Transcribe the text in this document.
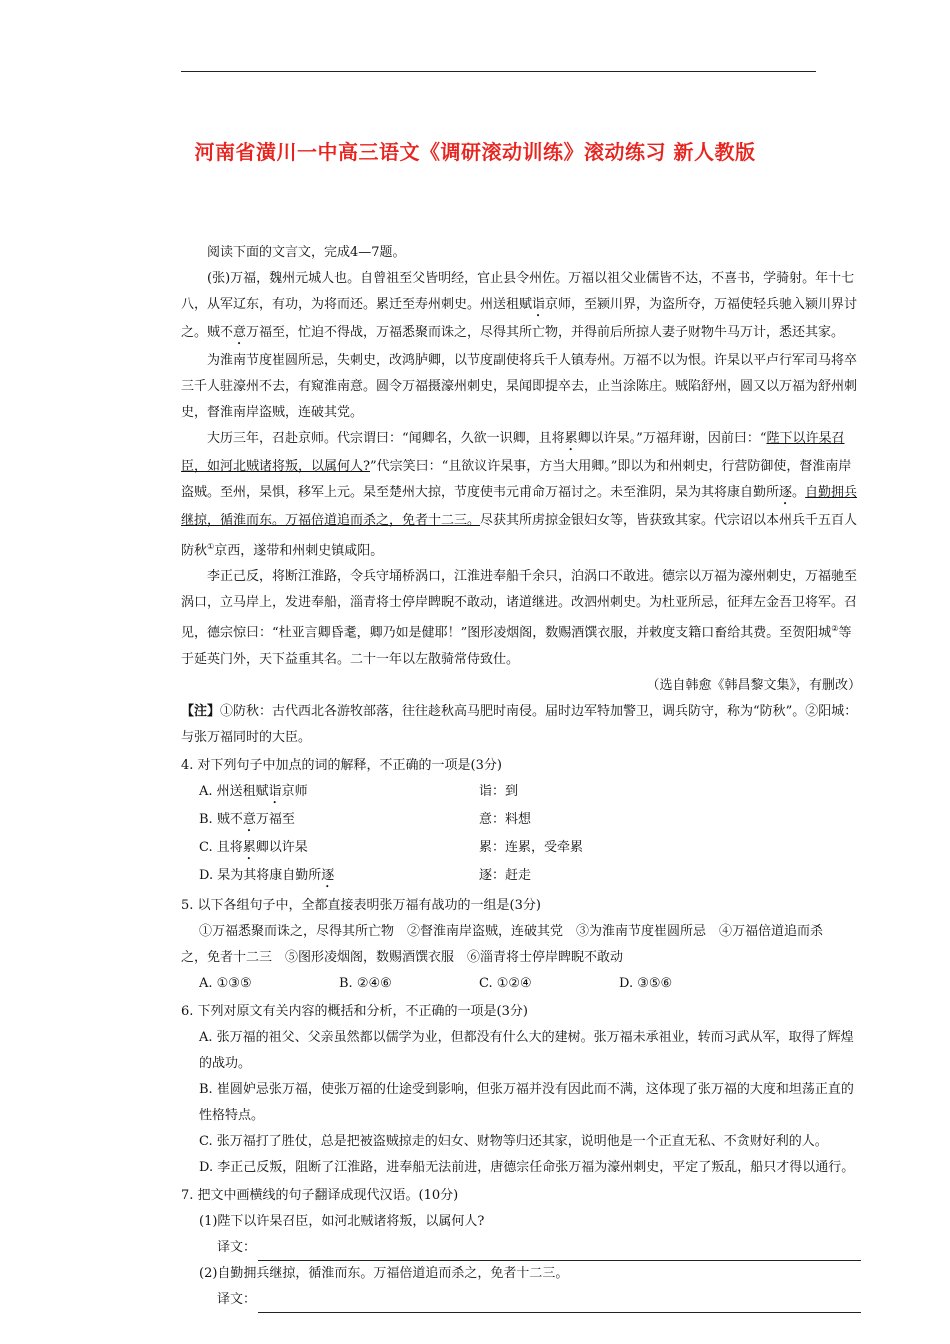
河南省潢川一中高三语文《调研滚动训练》滚动练习 新人教版

阅读下面的文言文，完成4—7题。

(张)万福，魏州元城人也。自曾祖至父皆明经，官止县令州佐。万福以祖父业儒皆不达，不喜书，学骑射。年十七八，从军辽东，有功，为将而还。累迁至寿州刺史。州送租赋诣京师，至颍川界，为盗所夺，万福使轻兵驰入颍川界讨之。贼不意万福至，忙迫不得战，万福悉聚而诛之，尽得其所亡物，并得前后所掠人妻子财物牛马万计，悉还其家。

为淮南节度崔圆所忌，失刺史，改鸿胪卿，以节度副使将兵千人镇寿州。万福不以为恨。许杲以平卢行军司马将卒三千人驻濠州不去，有窥淮南意。圆令万福摄濠州刺史，杲闻即提卒去，止当涂陈庄。贼陷舒州，圆又以万福为舒州刺史，督淮南岸盗贼，连破其党。

大历三年，召赴京师。代宗谓曰：“闻卿名，久欲一识卿，且将累卿以许杲。”万福拜谢，因前曰：“陛下以许杲召臣，如河北贼诸将叛，以属何人?”代宗笑曰：“且欲议许杲事，方当大用卿。”即以为和州刺史，行营防御使，督淮南岸盗贼。至州，杲惧，移军上元。杲至楚州大掠，节度使韦元甫命万福讨之。未至淮阴，杲为其将康自勤所逐。自勤拥兵继掠，循淮而东。万福倍道追而杀之，免者十二三。尽获其所虏掠金银妇女等，皆获致其家。代宗诏以本州兵千五百人防秋①京西，遂带和州刺史镇咸阳。

李正己反，将断江淮路，令兵守埇桥涡口，江淮进奉船千余只，泊涡口不敢进。德宗以万福为濠州刺史，万福驰至涡口，立马岸上，发进奉船，淄青将士停岸睥睨不敢动，诸道继进。改泗州刺史。为杜亚所忌，征拜左金吾卫将军。召见，德宗惊曰：“杜亚言卿昏耄，卿乃如是健耶！”图形凌烟阁，数赐酒馔衣服，并敕度支籍口畜给其费。至贺阳城②等于延英门外，天下益重其名。二十一年以左散骑常侍致仕。

（选自韩愈《韩昌黎文集》，有删改）

【注】①防秋：古代西北各游牧部落，往往趁秋高马肥时南侵。届时边军特加警卫，调兵防守，称为“防秋”。②阳城：与张万福同时的大臣。

4. 对下列句子中加点的词的解释，不正确的一项是(3分)

A. 州送租赋诣京师	诣：到
B. 贼不意万福至	意：料想
C. 且将累卿以许杲	累：连累，受牵累
D. 杲为其将康自勤所逐	逐：赶走

5. 以下各组句子中，全都直接表明张万福有战功的一组是(3分)

①万福悉聚而诛之，尽得其所亡物　②督淮南岸盗贼，连破其党　③为淮南节度崔圆所忌　④万福倍道追而杀

之，免者十二三　⑤图形凌烟阁，数赐酒馔衣服　⑥淄青将士停岸睥睨不敢动

A. ①③⑤	B. ②④⑥	C. ①②④	D. ③⑤⑥

6. 下列对原文有关内容的概括和分析，不正确的一项是(3分)

A. 张万福的祖父、父亲虽然都以儒学为业，但都没有什么大的建树。张万福未承祖业，转而习武从军，取得了辉煌的战功。

B. 崔圆妒忌张万福，使张万福的仕途受到影响，但张万福并没有因此而不满，这体现了张万福的大度和坦荡正直的性格特点。

C. 张万福打了胜仗，总是把被盗贼掠走的妇女、财物等归还其家，说明他是一个正直无私、不贪财好利的人。

D. 李正己反叛，阻断了江淮路，进奉船无法前进，唐德宗任命张万福为濠州刺史，平定了叛乱，船只才得以通行。

7. 把文中画横线的句子翻译成现代汉语。(10分)

(1)陛下以许杲召臣，如河北贼诸将叛，以属何人?

译文：

(2)自勤拥兵继掠，循淮而东。万福倍道追而杀之，免者十二三。

译文：
